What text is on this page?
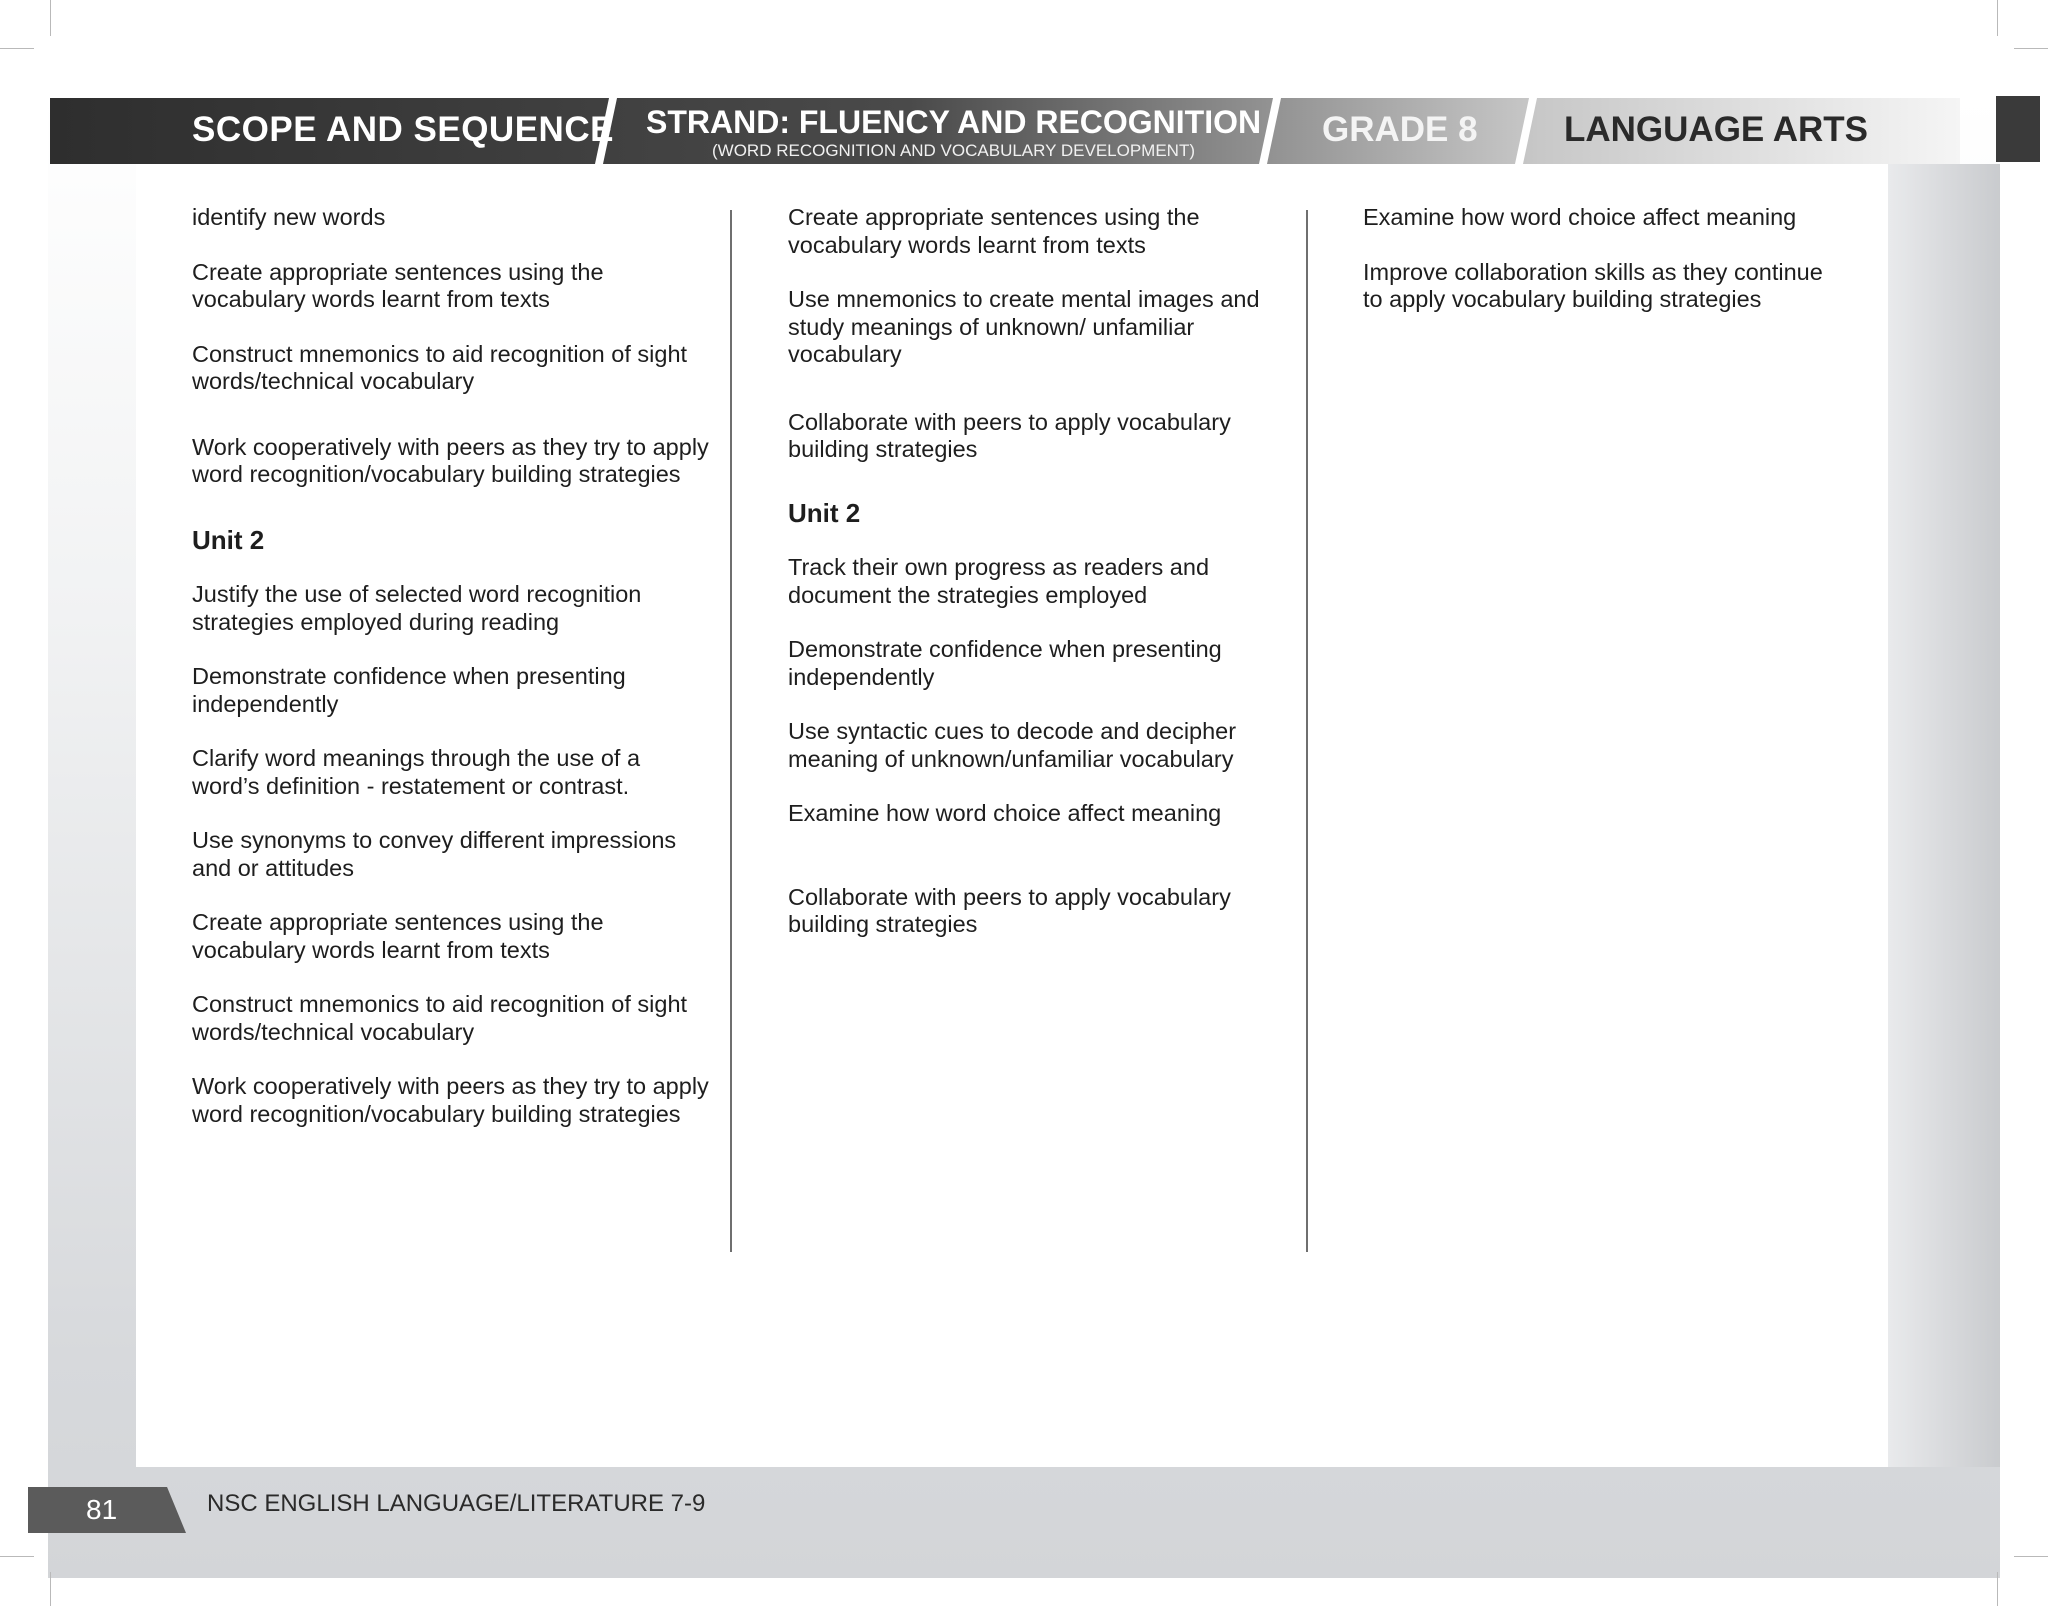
SCOPE AND SEQUENCE STRAND: FLUENCY AND RECOGNITION
(WORD RECOGNITION AND VOCABULARY DEVELOPMENT)
GRADE 8 LANGUAGE ARTS

identify new words

Create appropriate sentences using the vocabulary words learnt from texts

Construct mnemonics to aid recognition of sight words/technical vocabulary

Work cooperatively with peers as they try to apply word recognition/vocabulary building strategies

Unit 2

Justify the use of selected word recognition strategies employed during reading

Demonstrate confidence when presenting independently

Clarify word meanings through the use of a word’s definition - restatement or contrast.

Use synonyms to convey different impressions and or attitudes

Create appropriate sentences using the vocabulary words learnt from texts

Construct mnemonics to aid recognition of sight words/technical vocabulary

Work cooperatively with peers as they try to apply word recognition/vocabulary building strategies

Create appropriate sentences using the vocabulary words learnt from texts

Use mnemonics to create mental images and study meanings of unknown/ unfamiliar vocabulary

Collaborate with peers to apply vocabulary building strategies

Unit 2

Track their own progress as readers and document the strategies employed

Demonstrate confidence when presenting independently

Use syntactic cues to decode and decipher meaning of unknown/unfamiliar vocabulary

Examine how word choice affect meaning

Collaborate with peers to apply vocabulary building strategies

Examine how word choice affect meaning

Improve collaboration skills as they continue to apply vocabulary building strategies

81	NSC ENGLISH LANGUAGE/LITERATURE 7-9
